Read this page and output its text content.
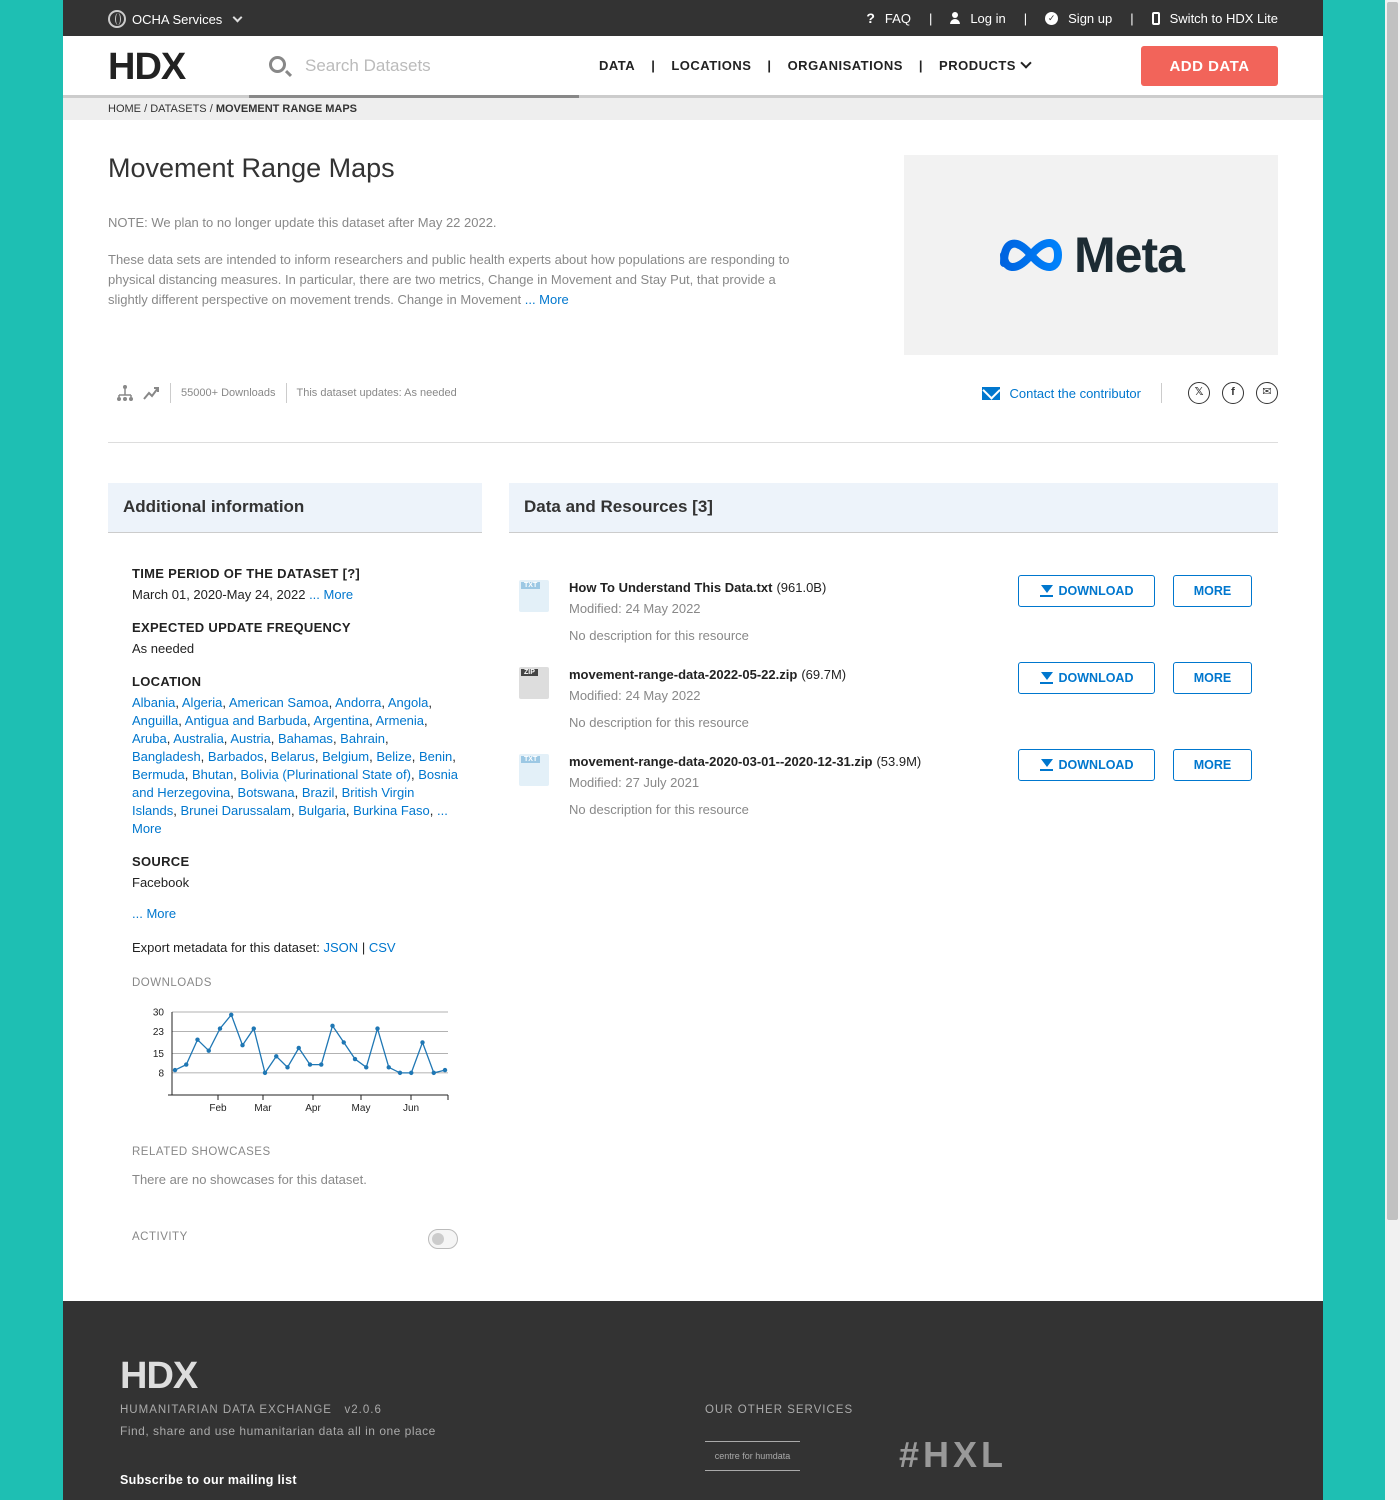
OCHA Services	? FAQ |	Log in |	✓ Sign up |	Switch to HDX Lite
HDX
Search Datasets	DATA | LOCATIONS | ORGANISATIONS | PRODUCTS	ADD DATA
HOME / DATASETS / MOVEMENT RANGE MAPS
Movement Range Maps

NOTE: We plan to no longer update this dataset after May 22 2022.

These data sets are intended to inform researchers and public health experts about how populations are responding to physical distancing measures. In particular, there are two metrics, Change in Movement and Stay Put, that provide a slightly different perspective on movement trends. Change in Movement ... More

Meta
55000+ Downloads This dataset updates: As needed	Contact the contributor	𝕏	f	✉
Additional information
TIME PERIOD OF THE DATASET [?]
March 01, 2020-May 24, 2022 ... More
EXPECTED UPDATE FREQUENCY
As needed
LOCATION
Albania, Algeria, American Samoa, Andorra, Angola, Anguilla, Antigua and Barbuda, Argentina, Armenia, Aruba, Australia, Austria, Bahamas, Bahrain, Bangladesh, Barbados, Belarus, Belgium, Belize, Benin, Bermuda, Bhutan, Bolivia (Plurinational State of), Bosnia and Herzegovina, Botswana, Brazil, British Virgin Islands, Brunei Darussalam, Bulgaria, Burkina Faso, ... More
SOURCE
Facebook
... More
Export metadata for this dataset: JSON | CSV
DOWNLOADS
30
23
15
8
Feb	Mar	Apr	May	Jun
RELATED SHOWCASES
There are no showcases for this dataset.
ACTIVITY
Data and Resources [3]
TXT How To Understand This Data.txt (961.0B)
Modified: 24 May 2022
No description for this resource
DOWNLOAD	MORE
ZIP	movement-range-data-2022-05-22.zip (69.7M)
Modified: 24 May 2022
No description for this resource
DOWNLOAD	MORE
TXT movement-range-data-2020-03-01--2020-12-31.zip (53.9M)
Modified: 27 July 2021
No description for this resource
DOWNLOAD	MORE
HDX
HUMANITARIAN DATA EXCHANGE   v2.0.6
Find, share and use humanitarian data all in one place
Subscribe to our mailing list
OUR OTHER SERVICES
centre for humdata	#HXL
